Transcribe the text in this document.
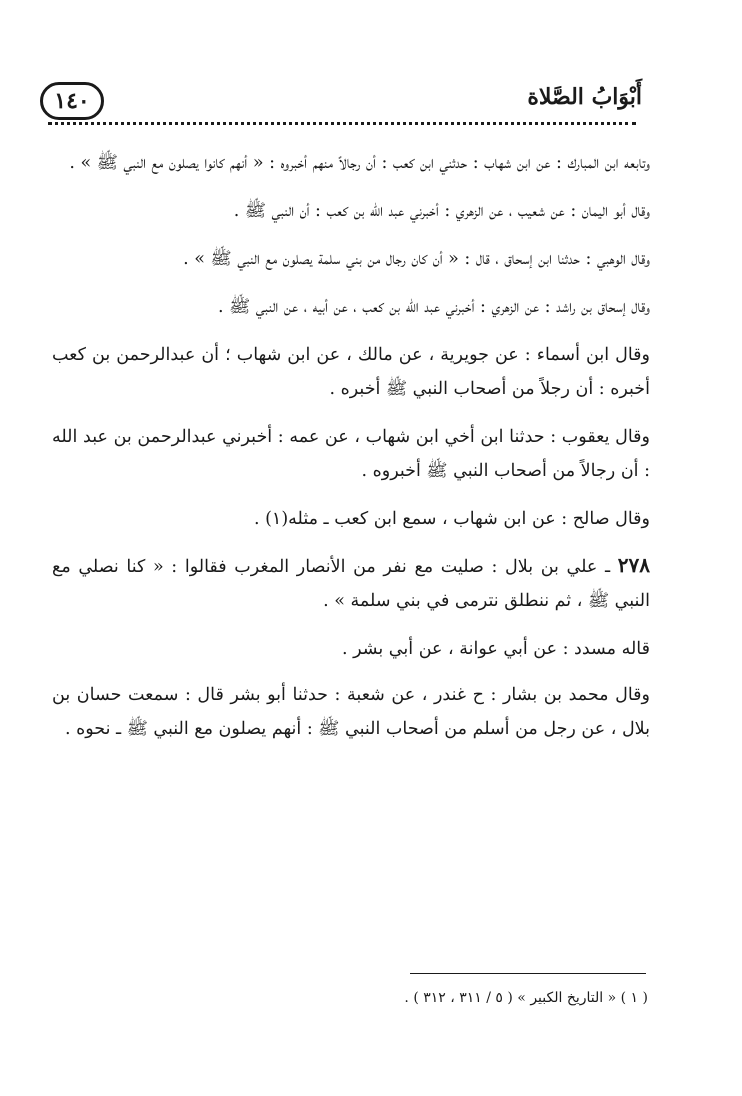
١٤٠	أَبْوَابُ الصَّلاة

وتابعه ابن المبارك : عن ابن شهاب : حدثني ابن كعب : أن رجالاً منهم أخبروه : « أنهم كانوا يصلون مع النبي ﷺ » .

وقال أبو اليمان : عن شعيب ، عن الزهري : أخبرني عبد الله بن كعب : أن النبي ﷺ .

وقال الوهبي : حدثنا ابن إسحاق ، قال : « أن كان رجال من بني سلمة يصلون مع النبي ﷺ » .

وقال إسحاق بن راشد : عن الزهري : أخبرني عبد الله بن كعب ، عن أبيه ، عن النبي ﷺ .

وقال ابن أسماء : عن جويرية ، عن مالك ، عن ابن شهاب ؛ أن عبدالرحمن بن كعب أخبره : أن رجلاً من أصحاب النبي ﷺ أخبره .

وقال يعقوب : حدثنا ابن أخي ابن شهاب ، عن عمه : أخبرني عبدالرحمن بن عبد الله : أن رجالاً من أصحاب النبي ﷺ أخبروه .

وقال صالح : عن ابن شهاب ، سمع ابن كعب ـ مثله(١) .

٢٧٨ ـ علي بن بلال : صليت مع نفر من الأنصار المغرب فقالوا : « كنا نصلي مع النبي ﷺ ، ثم ننطلق نترمى في بني سلمة » .

قاله مسدد : عن أبي عوانة ، عن أبي بشر .

وقال محمد بن بشار : ح غندر ، عن شعبة : حدثنا أبو بشر قال : سمعت حسان بن بلال ، عن رجل من أسلم من أصحاب النبي ﷺ : أنهم يصلون مع النبي ﷺ ـ نحوه .

( ١ ) « التاريخ الكبير » ( ٥ / ٣١١ ، ٣١٢ ) .
